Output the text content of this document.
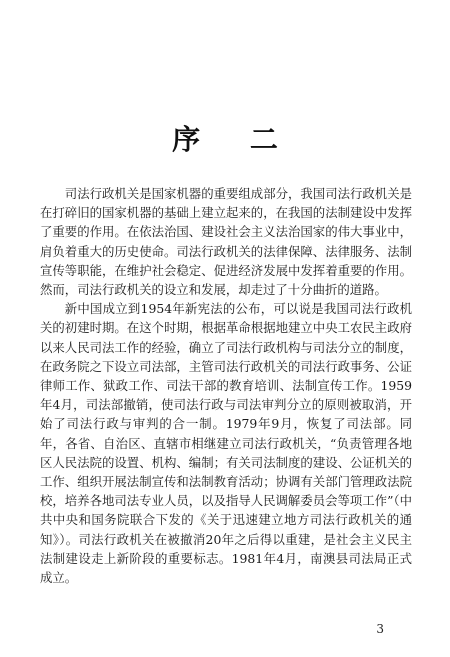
序 二

司法行政机关是国家机器的重要组成部分，我国司法行政机关是在打碎旧的国家机器的基础上建立起来的，在我国的法制建设中发挥了重要的作用。在依法治国、建设社会主义法治国家的伟大事业中，肩负着重大的历史使命。司法行政机关的法律保障、法律服务、法制宣传等职能，在维护社会稳定、促进经济发展中发挥着重要的作用。然而，司法行政机关的设立和发展，却走过了十分曲折的道路。

新中国成立到1954年新宪法的公布，可以说是我国司法行政机关的初建时期。在这个时期，根据革命根据地建立中央工农民主政府以来人民司法工作的经验，确立了司法行政机构与司法分立的制度，在政务院之下设立司法部，主管司法行政机关的司法行政事务、公证律师工作、狱政工作、司法干部的教育培训、法制宣传工作。1959年4月，司法部撤销，使司法行政与司法审判分立的原则被取消，开始了司法行政与审判的合一制。1979年9月，恢复了司法部。同年，各省、自治区、直辖市相继建立司法行政机关，“负责管理各地区人民法院的设置、机构、编制；有关司法制度的建设、公证机关的工作、组织开展法制宣传和法制教育活动；协调有关部门管理政法院校，培养各地司法专业人员，以及指导人民调解委员会等项工作”（中共中央和国务院联合下发的《关于迅速建立地方司法行政机关的通知》）。司法行政机关在被撤消20年之后得以重建，是社会主义民主法制建设走上新阶段的重要标志。1981年4月，南澳县司法局正式成立。

3
